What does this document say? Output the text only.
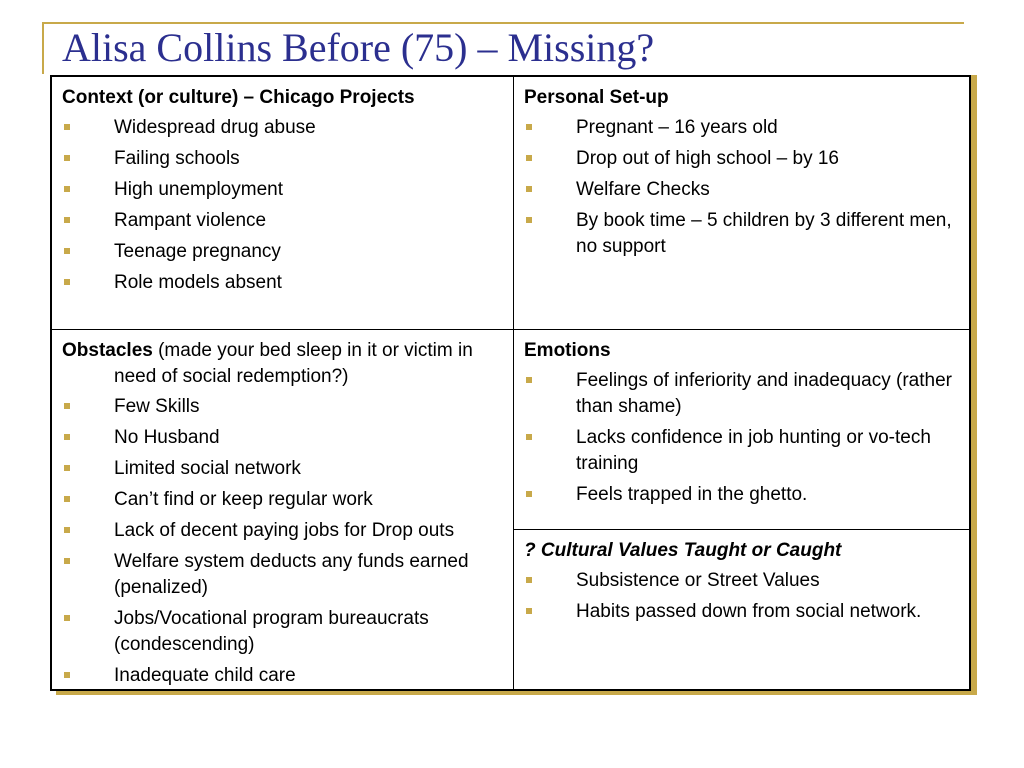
Alisa Collins Before (75) – Missing?
Context (or culture) – Chicago Projects
Widespread drug abuse
Failing schools
High unemployment
Rampant violence
Teenage pregnancy
Role models absent
Personal Set-up
Pregnant – 16 years old
Drop out of high school – by 16
Welfare Checks
By book time – 5 children by 3 different men, no support
Obstacles (made your bed sleep in it or victim in need of social redemption?)
Few Skills
No Husband
Limited social network
Can’t find or keep regular work
Lack of decent paying jobs for Drop outs
Welfare system deducts any funds earned (penalized)
Jobs/Vocational program bureaucrats (condescending)
Inadequate child care
Emotions
Feelings of inferiority and inadequacy (rather than shame)
Lacks confidence in job hunting or vo-tech training
Feels trapped in the ghetto.
? Cultural Values Taught or Caught
Subsistence or Street Values
Habits passed down from social network.
